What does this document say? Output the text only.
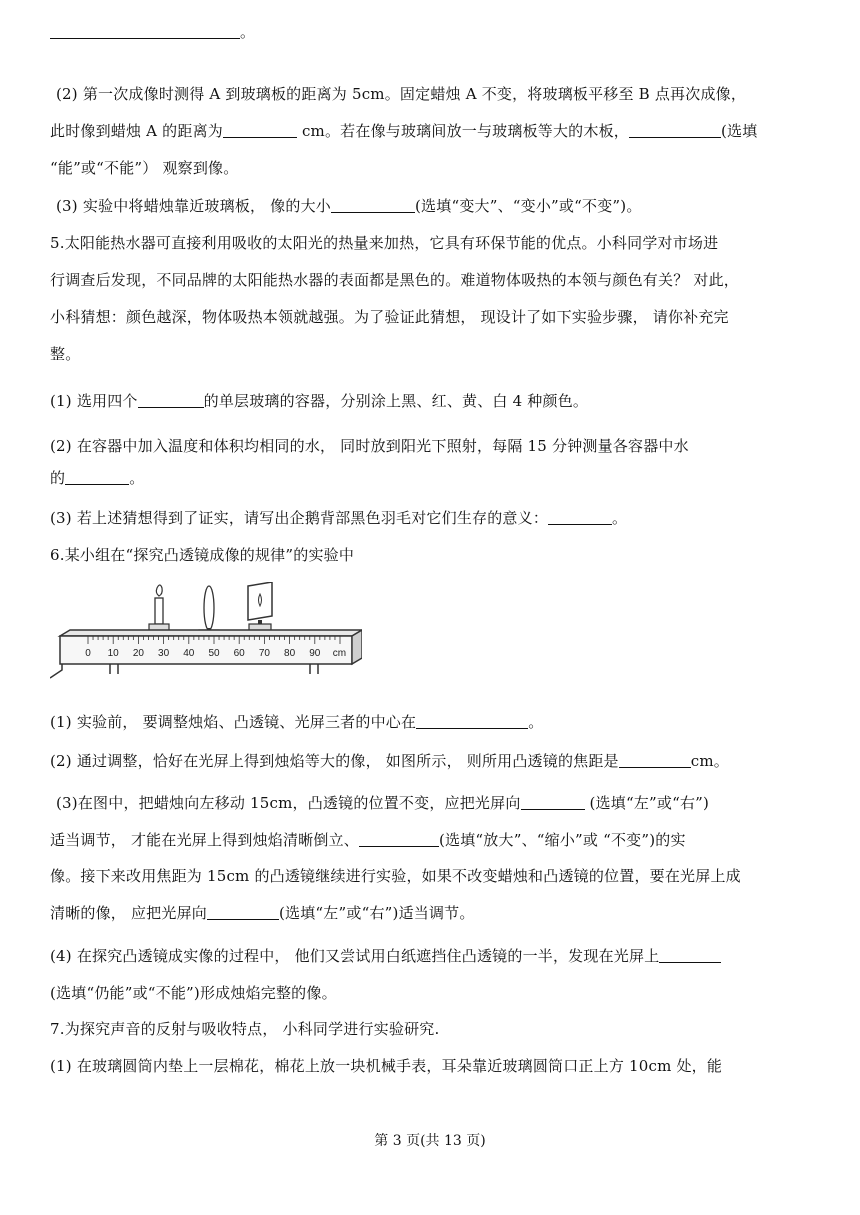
。
(2) 第一次成像时测得 A 到玻璃板的距离为 5cm。固定蜡烛 A 不变，将玻璃板平移至 B 点再次成像，
此时像到蜡烛 A 的距离为	cm。若在像与玻璃间放一与玻璃板等大的木板，	(选填
“能”或“不能”） 观察到像。
(3) 实验中将蜡烛靠近玻璃板， 像的大小	(选填“变大”、“变小”或“不变”)。
5.太阳能热水器可直接利用吸收的太阳光的热量来加热，它具有环保节能的优点。小科同学对市场进
行调查后发现，不同品牌的太阳能热水器的表面都是黑色的。难道物体吸热的本领与颜色有关？ 对此，
小科猜想：颜色越深，物体吸热本领就越强。为了验证此猜想， 现设计了如下实验步骤， 请你补充完
整。
(1) 选用四个	的单层玻璃的容器，分别涂上黑、红、黄、白 4 种颜色。
(2) 在容器中加入温度和体积均相同的水， 同时放到阳光下照射，每隔 15 分钟测量各容器中水
的	。
(3) 若上述猜想得到了证实，请写出企鹅背部黑色羽毛对它们生存的意义：	。
6.某小组在“探究凸透镜成像的规律”的实验中
0 10 20 30 40 50 60 70 80 90 cm
(1) 实验前， 要调整烛焰、凸透镜、光屏三者的中心在	。
(2) 通过调整，恰好在光屏上得到烛焰等大的像， 如图所示， 则所用凸透镜的焦距是	cm。
(3)在图中，把蜡烛向左移动 15cm，凸透镜的位置不变，应把光屏向	(选填“左”或“右”)
适当调节， 才能在光屏上得到烛焰清晰倒立、	(选填“放大”、“缩小”或 “不变”)的实
像。接下来改用焦距为 15cm 的凸透镜继续进行实验，如果不改变蜡烛和凸透镜的位置，要在光屏上成
清晰的像， 应把光屏向	(选填“左”或“右”)适当调节。
(4) 在探究凸透镜成实像的过程中， 他们又尝试用白纸遮挡住凸透镜的一半，发现在光屏上
(选填“仍能”或“不能”)形成烛焰完整的像。
7.为探究声音的反射与吸收特点， 小科同学进行实验研究.
(1) 在玻璃圆筒内垫上一层棉花，棉花上放一块机械手表，耳朵靠近玻璃圆筒口正上方 10cm 处，能
第 3 页(共 13 页)
